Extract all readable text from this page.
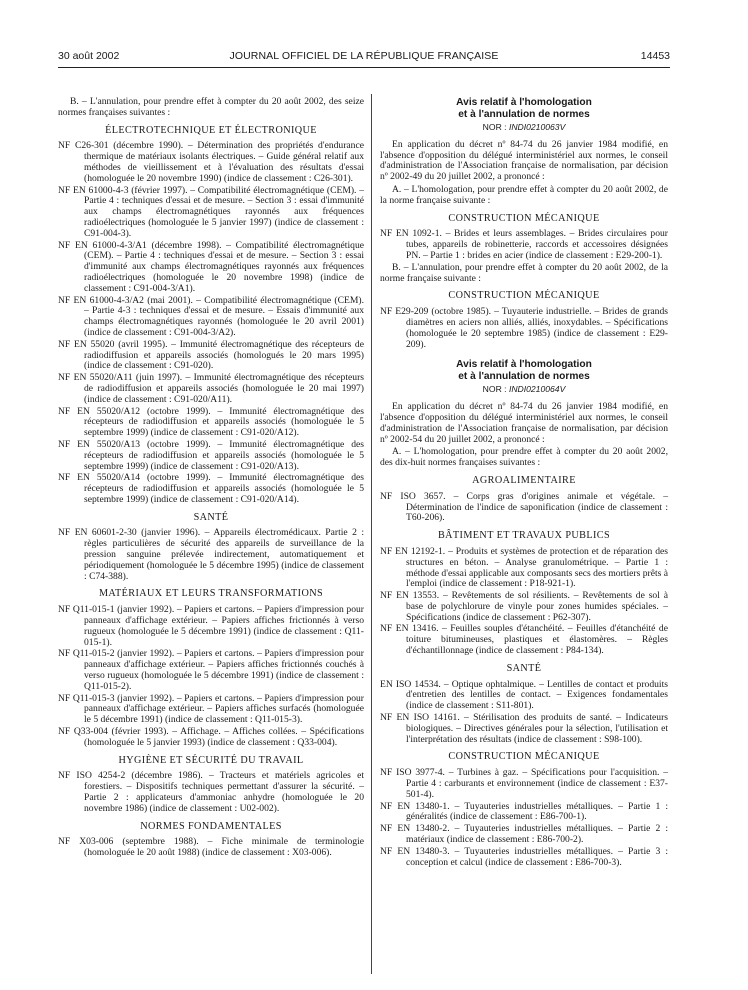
30 août 2002	JOURNAL OFFICIEL DE LA RÉPUBLIQUE FRANÇAISE	14453

B. – L'annulation, pour prendre effet à compter du 20 août 2002, des seize normes françaises suivantes :

ÉLECTROTECHNIQUE ET ÉLECTRONIQUE

NF C26-301 (décembre 1990). – Détermination des propriétés d'endurance thermique de matériaux isolants électriques. – Guide général relatif aux méthodes de vieillissement et à l'évaluation des résultats d'essai (homologuée le 20 novembre 1990) (indice de classement : C26-301).

NF EN 61000-4-3 (février 1997). – Compatibilité électromagnétique (CEM). – Partie 4 : techniques d'essai et de mesure. – Section 3 : essai d'immunité aux champs électromagnétiques rayonnés aux fréquences radioélectriques (homologuée le 5 janvier 1997) (indice de classement : C91-004-3).

NF EN 61000-4-3/A1 (décembre 1998). – Compatibilité électromagnétique (CEM). – Partie 4 : techniques d'essai et de mesure. – Section 3 : essai d'immunité aux champs électromagnétiques rayonnés aux fréquences radioélectriques (homologuée le 20 novembre 1998) (indice de classement : C91-004-3/A1).

NF EN 61000-4-3/A2 (mai 2001). – Compatibilité électromagnétique (CEM). – Partie 4-3 : techniques d'essai et de mesure. – Essais d'immunité aux champs électromagnétiques rayonnés (homologuée le 20 avril 2001) (indice de classement : C91-004-3/A2).

NF EN 55020 (avril 1995). – Immunité électromagnétique des récepteurs de radiodiffusion et appareils associés (homologués le 20 mars 1995) (indice de classement : C91-020).

NF EN 55020/A11 (juin 1997). – Immunité électromagnétique des récepteurs de radiodiffusion et appareils associés (homologuée le 20 mai 1997) (indice de classement : C91-020/A11).

NF EN 55020/A12 (octobre 1999). – Immunité électromagnétique des récepteurs de radiodiffusion et appareils associés (homologuée le 5 septembre 1999) (indice de classement : C91-020/A12).

NF EN 55020/A13 (octobre 1999). – Immunité électromagnétique des récepteurs de radiodiffusion et appareils associés (homologuée le 5 septembre 1999) (indice de classement : C91-020/A13).

NF EN 55020/A14 (octobre 1999). – Immunité électromagnétique des récepteurs de radiodiffusion et appareils associés (homologuée le 5 septembre 1999) (indice de classement : C91-020/A14).

SANTÉ

NF EN 60601-2-30 (janvier 1996). – Appareils électromédicaux. Partie 2 : règles particulières de sécurité des appareils de surveillance de la pression sanguine prélevée indirectement, automatiquement et périodiquement (homologuée le 5 décembre 1995) (indice de classement : C74-388).

MATÉRIAUX ET LEURS TRANSFORMATIONS

NF Q11-015-1 (janvier 1992). – Papiers et cartons. – Papiers d'impression pour panneaux d'affichage extérieur. – Papiers affiches frictionnés à verso rugueux (homologuée le 5 décembre 1991) (indice de classement : Q11-015-1).

NF Q11-015-2 (janvier 1992). – Papiers et cartons. – Papiers d'impression pour panneaux d'affichage extérieur. – Papiers affiches frictionnés couchés à verso rugueux (homologuée le 5 décembre 1991) (indice de classement : Q11-015-2).

NF Q11-015-3 (janvier 1992). – Papiers et cartons. – Papiers d'impression pour panneaux d'affichage extérieur. – Papiers affiches surfacés (homologuée le 5 décembre 1991) (indice de classement : Q11-015-3).

NF Q33-004 (février 1993). – Affichage. – Affiches collées. – Spécifications (homologuée le 5 janvier 1993) (indice de classement : Q33-004).

HYGIÈNE ET SÉCURITÉ DU TRAVAIL

NF ISO 4254-2 (décembre 1986). – Tracteurs et matériels agricoles et forestiers. – Dispositifs techniques permettant d'assurer la sécurité. – Partie 2 : applicateurs d'ammoniac anhydre (homologuée le 20 novembre 1986) (indice de classement : U02-002).

NORMES FONDAMENTALES

NF X03-006 (septembre 1988). – Fiche minimale de terminologie (homologuée le 20 août 1988) (indice de classement : X03-006).

Avis relatif à l'homologation
et à l'annulation de normes
NOR : INDI0210063V

En application du décret nº 84-74 du 26 janvier 1984 modifié, en l'absence d'opposition du délégué interministériel aux normes, le conseil d'administration de l'Association française de normalisation, par décision nº 2002-49 du 20 juillet 2002, a prononcé :

A. – L'homologation, pour prendre effet à compter du 20 août 2002, de la norme française suivante :

CONSTRUCTION MÉCANIQUE

NF EN 1092-1. – Brides et leurs assemblages. – Brides circulaires pour tubes, appareils de robinetterie, raccords et accessoires désignées PN. – Partie 1 : brides en acier (indice de classement : E29-200-1).

B. – L'annulation, pour prendre effet à compter du 20 août 2002, de la norme française suivante :

CONSTRUCTION MÉCANIQUE

NF E29-209 (octobre 1985). – Tuyauterie industrielle. – Brides de grands diamètres en aciers non alliés, alliés, inoxydables. – Spécifications (homologuée le 20 septembre 1985) (indice de classement : E29-209).

Avis relatif à l'homologation
et à l'annulation de normes
NOR : INDI0210064V

En application du décret nº 84-74 du 26 janvier 1984 modifié, en l'absence d'opposition du délégué interministériel aux normes, le conseil d'administration de l'Association française de normalisation, par décision nº 2002-54 du 20 juillet 2002, a prononcé :

A. – L'homologation, pour prendre effet à compter du 20 août 2002, des dix-huit normes françaises suivantes :

AGROALIMENTAIRE

NF ISO 3657. – Corps gras d'origines animale et végétale. – Détermination de l'indice de saponification (indice de classement : T60-206).

BÂTIMENT ET TRAVAUX PUBLICS

NF EN 12192-1. – Produits et systèmes de protection et de réparation des structures en béton. – Analyse granulométrique. – Partie 1 : méthode d'essai applicable aux composants secs des mortiers prêts à l'emploi (indice de classement : P18-921-1).

NF EN 13553. – Revêtements de sol résilients. – Revêtements de sol à base de polychlorure de vinyle pour zones humides spéciales. – Spécifications (indice de classement : P62-307).

NF EN 13416. – Feuilles souples d'étanchéité. – Feuilles d'étanchéité de toiture bitumineuses, plastiques et élastomères. – Règles d'échantillonnage (indice de classement : P84-134).

SANTÉ

EN ISO 14534. – Optique ophtalmique. – Lentilles de contact et produits d'entretien des lentilles de contact. – Exigences fondamentales (indice de classement : S11-801).

NF EN ISO 14161. – Stérilisation des produits de santé. – Indicateurs biologiques. – Directives générales pour la sélection, l'utilisation et l'interprétation des résultats (indice de classement : S98-100).

CONSTRUCTION MÉCANIQUE

NF ISO 3977-4. – Turbines à gaz. – Spécifications pour l'acquisition. – Partie 4 : carburants et environnement (indice de classement : E37-501-4).

NF EN 13480-1. – Tuyauteries industrielles métalliques. – Partie 1 : généralités (indice de classement : E86-700-1).

NF EN 13480-2. – Tuyauteries industrielles métalliques. – Partie 2 : matériaux (indice de classement : E86-700-2).

NF EN 13480-3. – Tuyauteries industrielles métalliques. – Partie 3 : conception et calcul (indice de classement : E86-700-3).
